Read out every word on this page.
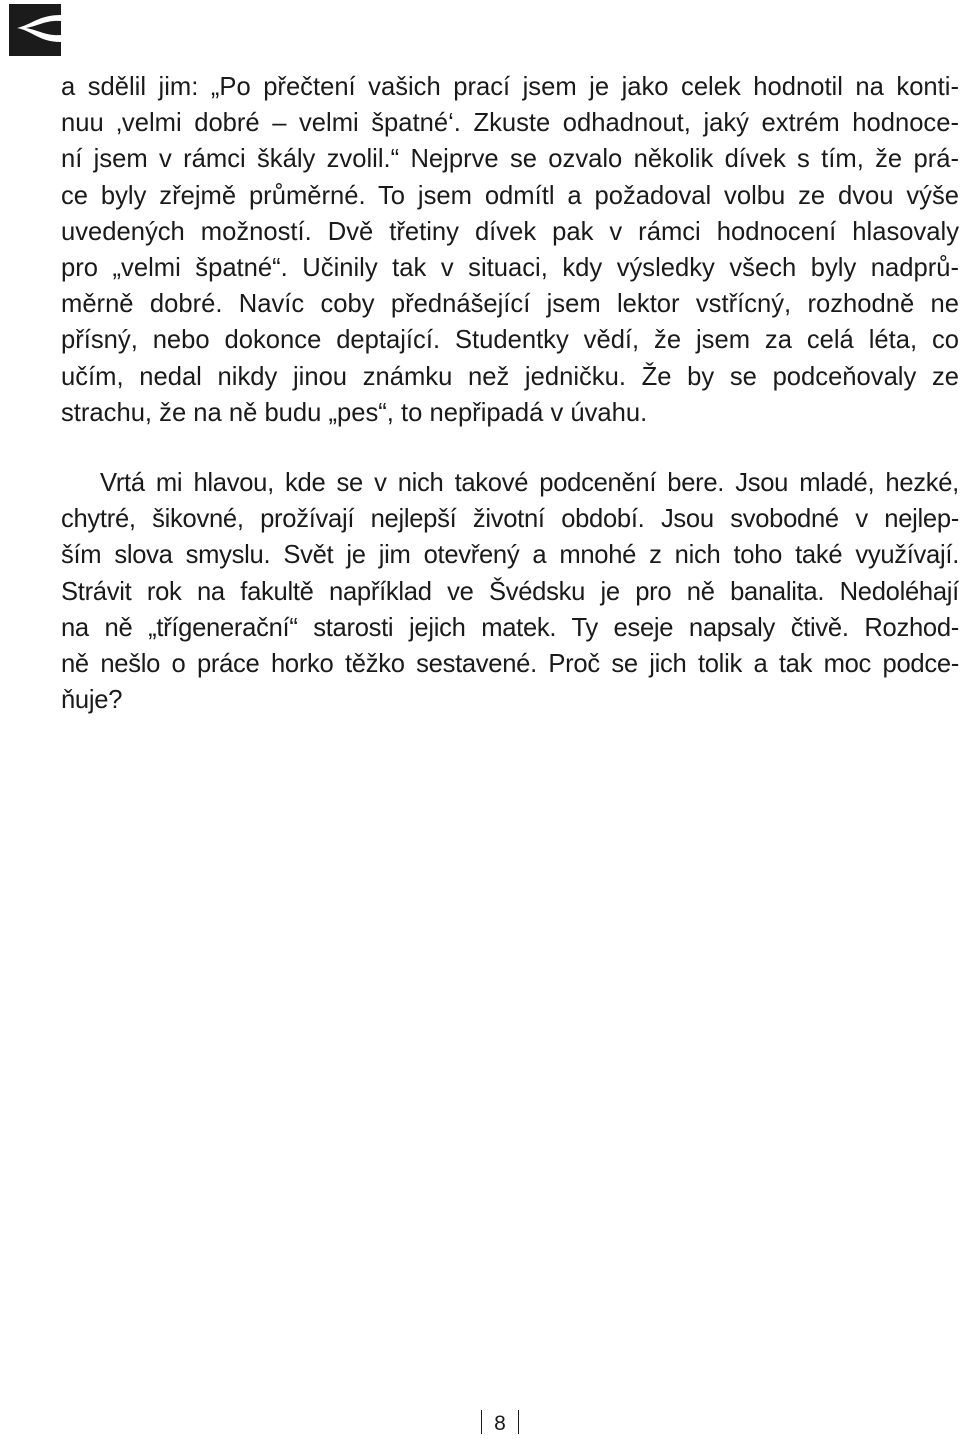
a sdělil jim: „Po přečtení vašich prací jsem je jako celek hodnotil na konti-
nuu ‚velmi dobré – velmi špatné‘. Zkuste odhadnout, jaký extrém hodnoce-
ní jsem v rámci škály zvolil.“ Nejprve se ozvalo několik dívek s tím, že prá-
ce byly zřejmě průměrné. To jsem odmítl a požadoval volbu ze dvou výše
uvedených možností. Dvě třetiny dívek pak v rámci hodnocení hlasovaly
pro „velmi špatné“. Učinily tak v situaci, kdy výsledky všech byly nadprů-
měrně dobré. Navíc coby přednášející jsem lektor vstřícný, rozhodně ne
přísný, nebo dokonce deptající. Studentky vědí, že jsem za celá léta, co
učím, nedal nikdy jinou známku než jedničku. Že by se podceňovaly ze
strachu, že na ně budu „pes“, to nepřipadá v úvahu.
Vrtá mi hlavou, kde se v nich takové podcenění bere. Jsou mladé, hezké,
chytré, šikovné, prožívají nejlepší životní období. Jsou svobodné v nejlep-
ším slova smyslu. Svět je jim otevřený a mnohé z nich toho také využívají.
Strávit rok na fakultě například ve Švédsku je pro ně banalita. Nedoléhají
na ně „třígenerační“ starosti jejich matek. Ty eseje napsaly čtivě. Rozhod-
ně nešlo o práce horko těžko sestavené. Proč se jich tolik a tak moc podce-
ňuje?
8
